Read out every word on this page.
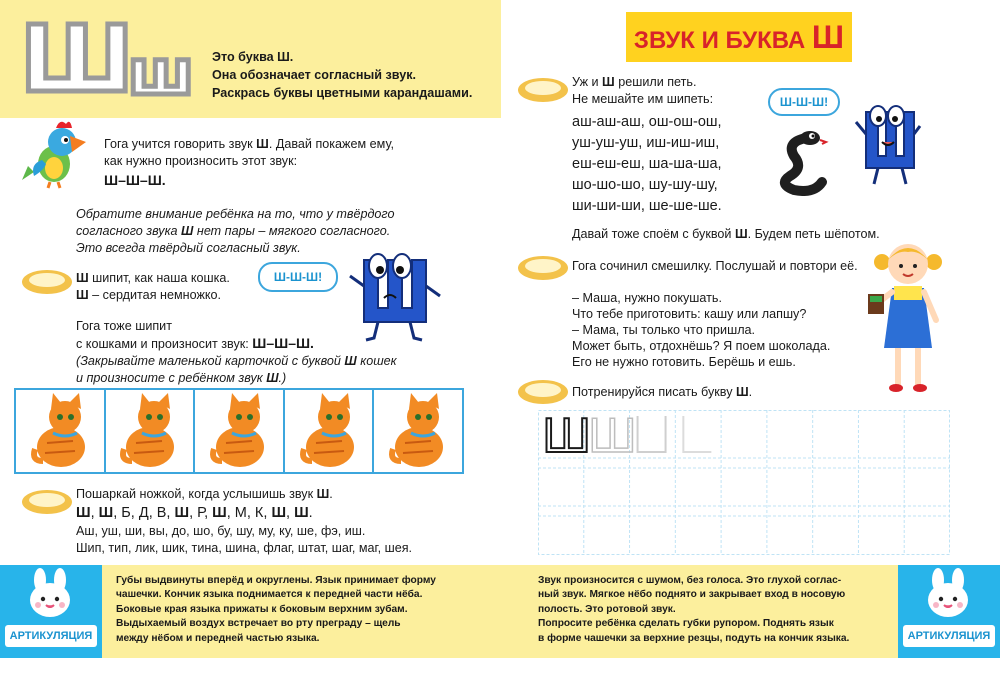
Ш
ш Это буква Ш.
Она обозначает согласный звук.
Раскрась буквы цветными карандашами.
Гога учится говорить звук Ш. Давай покажем ему,
как нужно произносить этот звук:
Ш–Ш–Ш.
Обратите внимание ребёнка на то, что у твёрдого
согласного звука Ш нет пары – мягкого согласного.
Это всегда твёрдый согласный звук.
Ш шипит, как наша кошка.
Ш – сердитая немножко.
Ш-Ш-Ш!
Гога тоже шипит
с кошками и произносит звук: Ш–Ш–Ш.
(Закрывайте маленькой карточкой с буквой Ш кошек
и произносите с ребёнком звук Ш.)
Пошаркай ножкой, когда услышишь звук Ш.
Ш, Ш, Б, Д, В, Ш, Р, Ш, М, К, Ш, Ш.
Аш, уш, ши, вы, до, шо, бу, шу, му, ку, ше, фэ, иш.
Шип, тип, лик, шик, тина, шина, флаг, штат, шаг, маг, шея.
АРТИКУЛЯЦИЯ
Губы выдвинуты вперёд и округлены. Язык принимает форму
чашечки. Кончик языка поднимается к передней части нёба.
Боковые края языка прижаты к боковым верхним зубам.
Выдыхаемый воздух встречает во рту преграду – щель
между нёбом и передней частью языка.
ЗВУК И БУКВА Ш
Уж и Ш решили петь.
Не мешайте им шипеть:
аш-аш-аш, ош-ош-ош,
уш-уш-уш, иш-иш-иш,
еш-еш-еш, ша-ша-ша,
шо-шо-шо, шу-шу-шу,
ши-ши-ши, ше-ше-ше.
Ш-Ш-Ш!
Давай тоже споём с буквой Ш. Будем петь шёпотом.
Гога сочинил смешилку. Послушай и повтори её.
– Маша, нужно покушать.
Что тебе приготовить: кашу или лапшу?
– Мама, ты только что пришла.
Может быть, отдохнёшь? Я поем шоколада.
Его не нужно готовить. Берёшь и ешь.
Потренируйся писать букву Ш.
Ш
Ш
Звук произносится с шумом, без голоса. Это глухой соглас-
ный звук. Мягкое нёбо поднято и закрывает вход в носовую
полость. Это ротовой звук.
Попросите ребёнка сделать губки рупором. Поднять язык
в форме чашечки за верхние резцы, подуть на кончик языка.	АРТИКУЛЯЦИЯ
